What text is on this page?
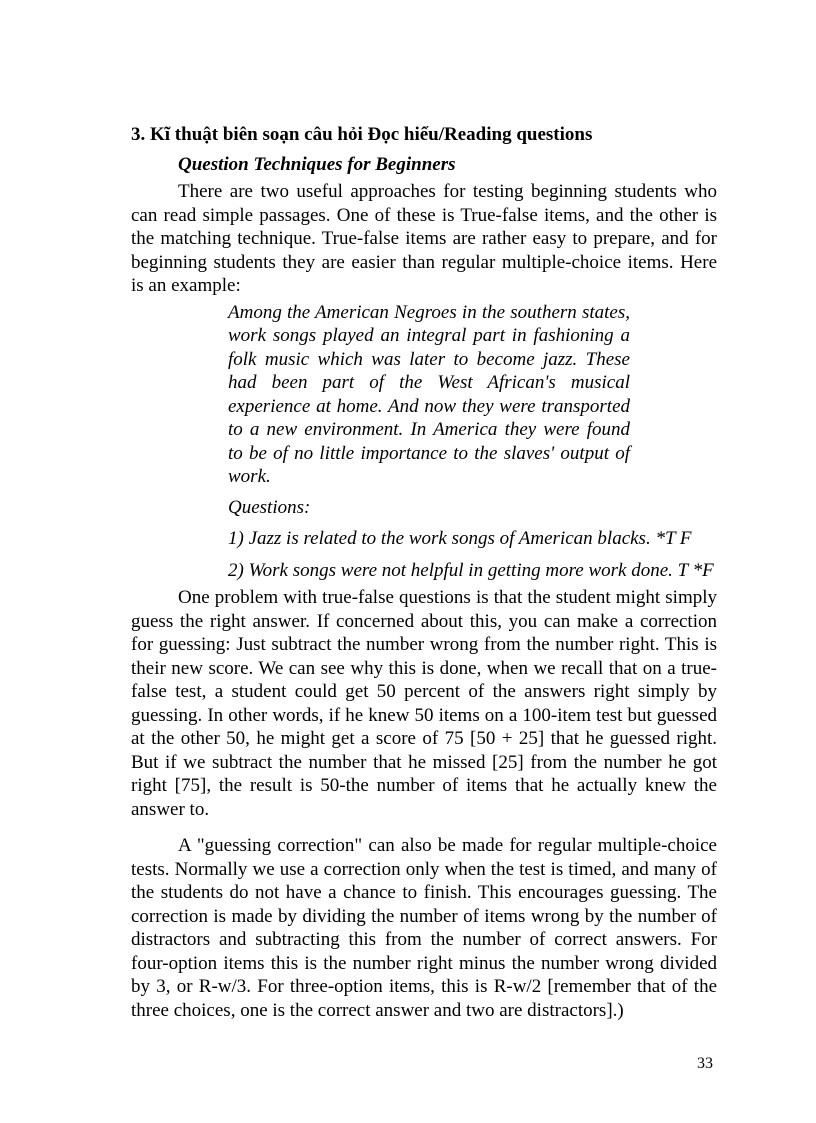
3. Kĩ thuật biên soạn câu hỏi Đọc hiểu/Reading questions

Question Techniques for Beginners

There are two useful approaches for testing beginning students who can read simple passages. One of these is True-false items, and the other is the matching technique. True-false items are rather easy to prepare, and for beginning students they are easier than regular multiple-choice items. Here is an example:

Among the American Negroes in the southern states, work songs played an integral part in fashioning a folk music which was later to become jazz. These had been part of the West African's musical experience at home. And now they were transported to a new environment. In America they were found to be of no little importance to the slaves' output of work.
Questions:
1) Jazz is related to the work songs of American blacks. *T F
2) Work songs were not helpful in getting more work done. T *F

One problem with true-false questions is that the student might simply guess the right answer. If concerned about this, you can make a correction for guessing: Just subtract the number wrong from the number right. This is their new score. We can see why this is done, when we recall that on a true-false test, a student could get 50 percent of the answers right simply by guessing. In other words, if he knew 50 items on a 100-item test but guessed at the other 50, he might get a score of 75 [50 + 25] that he guessed right. But if we subtract the number that he missed [25] from the number he got right [75], the result is 50-the number of items that he actually knew the answer to.

A "guessing correction" can also be made for regular multiple-choice tests. Normally we use a correction only when the test is timed, and many of the students do not have a chance to finish. This encourages guessing. The correction is made by dividing the number of items wrong by the number of distractors and subtracting this from the number of correct answers. For four-option items this is the number right minus the number wrong divided by 3, or R-w/3. For three-option items, this is R-w/2 [remember that of the three choices, one is the correct answer and two are distractors].)

33
